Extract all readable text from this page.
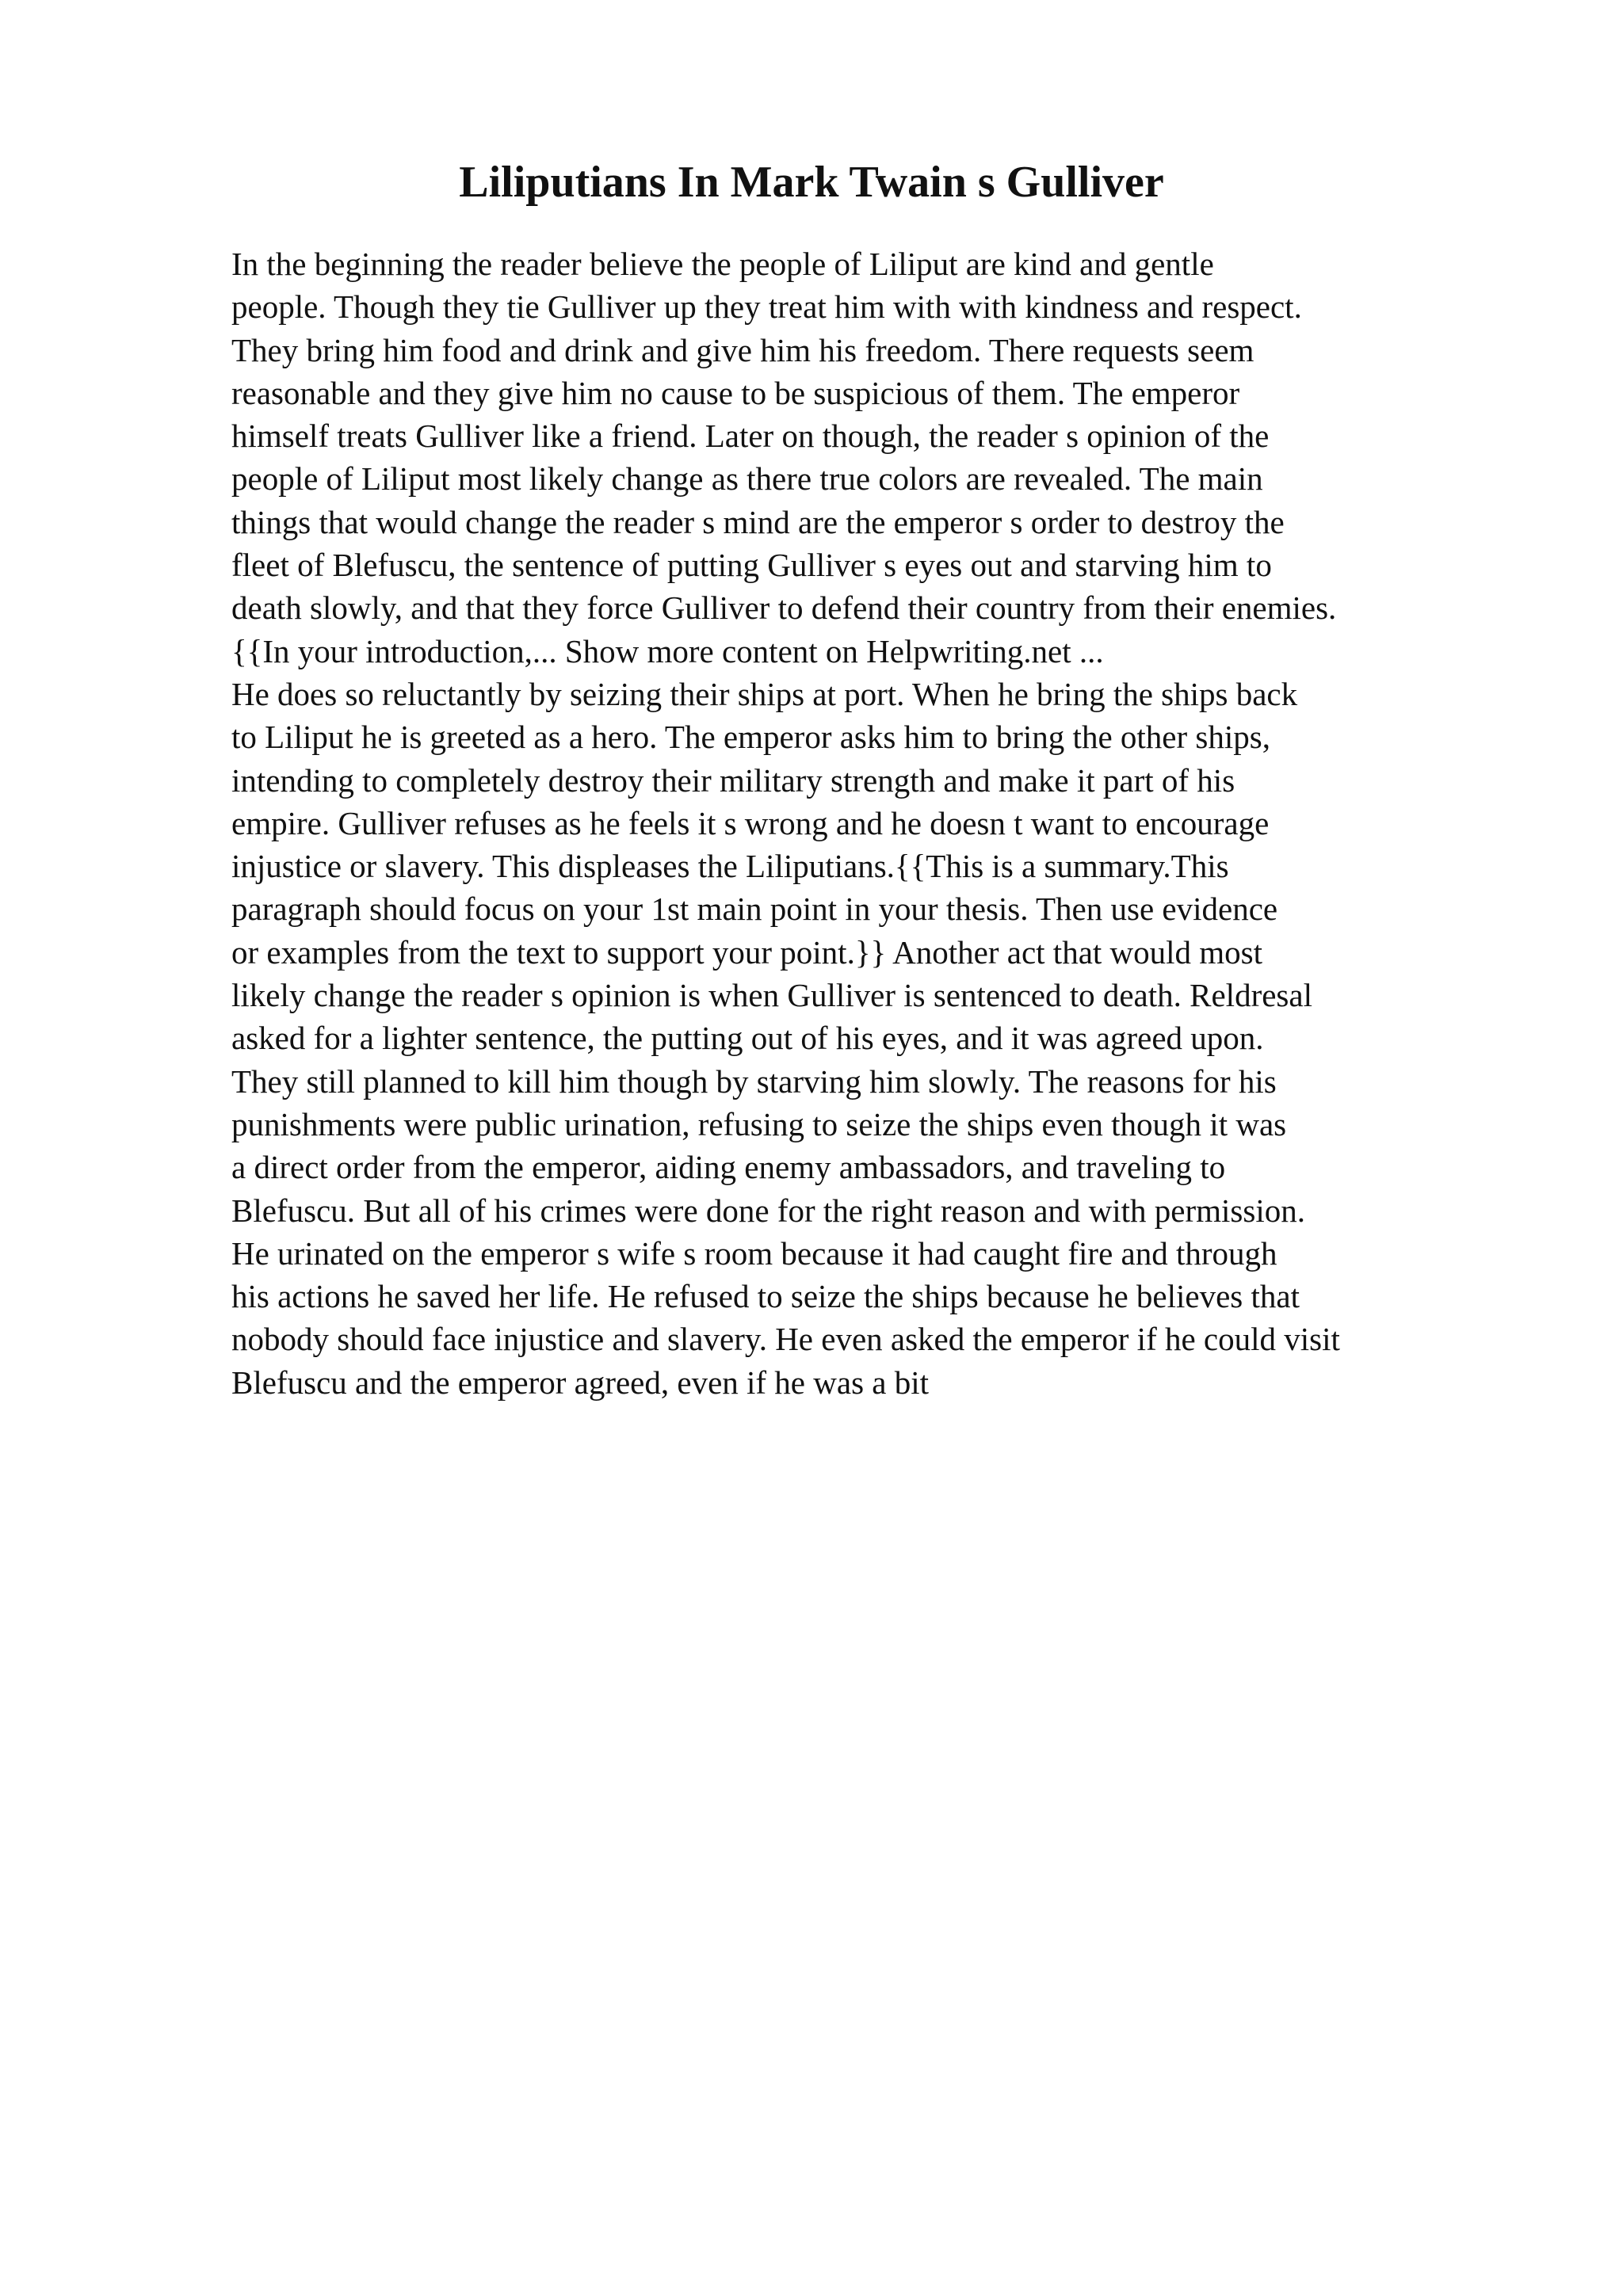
Liliputians In Mark Twain s Gulliver
In the beginning the reader believe the people of Liliput are kind and gentle
people. Though they tie Gulliver up they treat him with with kindness and respect.
They bring him food and drink and give him his freedom. There requests seem
reasonable and they give him no cause to be suspicious of them. The emperor
himself treats Gulliver like a friend. Later on though, the reader s opinion of the
people of Liliput most likely change as there true colors are revealed. The main
things that would change the reader s mind are the emperor s order to destroy the
fleet of Blefuscu, the sentence of putting Gulliver s eyes out and starving him to
death slowly, and that they force Gulliver to defend their country from their enemies.
{{In your introduction,... Show more content on Helpwriting.net ...
He does so reluctantly by seizing their ships at port. When he bring the ships back
to Liliput he is greeted as a hero. The emperor asks him to bring the other ships,
intending to completely destroy their military strength and make it part of his
empire. Gulliver refuses as he feels it s wrong and he doesn t want to encourage
injustice or slavery. This displeases the Liliputians.{{This is a summary.This
paragraph should focus on your 1st main point in your thesis. Then use evidence
or examples from the text to support your point.}} Another act that would most
likely change the reader s opinion is when Gulliver is sentenced to death. Reldresal
asked for a lighter sentence, the putting out of his eyes, and it was agreed upon.
They still planned to kill him though by starving him slowly. The reasons for his
punishments were public urination, refusing to seize the ships even though it was
a direct order from the emperor, aiding enemy ambassadors, and traveling to
Blefuscu. But all of his crimes were done for the right reason and with permission.
He urinated on the emperor s wife s room because it had caught fire and through
his actions he saved her life. He refused to seize the ships because he believes that
nobody should face injustice and slavery. He even asked the emperor if he could visit
Blefuscu and the emperor agreed, even if he was a bit
